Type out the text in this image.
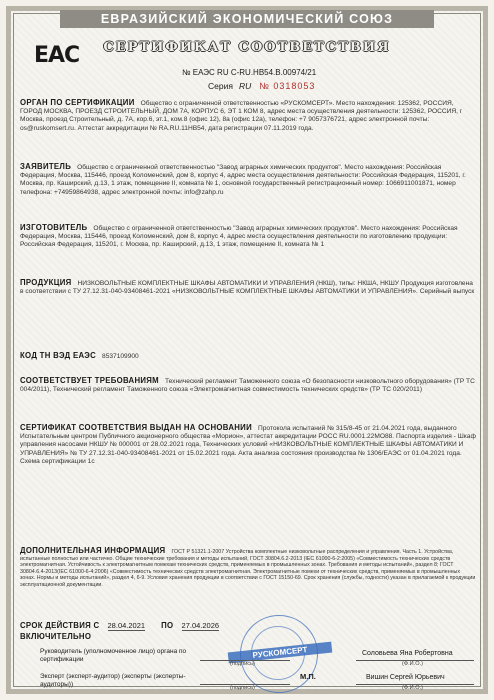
ЕВРАЗИЙСКИЙ ЭКОНОМИЧЕСКИЙ СОЮЗ
EAC	СЕРТИФИКАТ СООТВЕТСТВИЯ
№ ЕАЭС RU С-RU.НВ54.В.00974/21
Серия RU № 0318053
ОРГАН ПО СЕРТИФИКАЦИИ Общество с ограниченной ответственностью «РУСКОМСЕРТ». Место нахождения: 125362, РОССИЯ, ГОРОД МОСКВА, ПРОЕЗД СТРОИТЕЛЬНЫЙ, ДОМ 7А, КОРПУС 6, ЭТ 1 КОМ 8, адрес места осуществления деятельности: 125362, РОССИЯ, г Москва, проезд Строительный, д. 7А, кор.6, эт.1, ком.8 (офис 12), 8а (офис 12а), телефон: +7 9057376721, адрес электронной почты: os@ruskomsert.ru. Аттестат аккредитации № RA.RU.11НВ54, дата регистрации 07.11.2019 года.
ЗАЯВИТЕЛЬ Общество с ограниченной ответственностью "Завод аграрных химических продуктов". Место нахождения: Российская Федерация, Москва, 115446, проезд Коломенский, дом 8, корпус 4, адрес места осуществления деятельности: Российская Федерация, 115201, г. Москва, пр. Каширский, д.13, 1 этаж, помещение II, комната № 1, основной государственный регистрационный номер: 1066911001871, номер телефона: +74959864938, адрес электронной почты: info@zahp.ru
ИЗГОТОВИТЕЛЬ Общество с ограниченной ответственностью "Завод аграрных химических продуктов". Место нахождения: Российская Федерация, Москва, 115446, проезд Коломенский, дом 8, корпус 4, адрес места осуществления деятельности по изготовлению продукции: Российская Федерация, 115201, г. Москва, пр. Каширский, д.13, 1 этаж, помещение II, комната № 1
ПРОДУКЦИЯ НИЗКОВОЛЬТНЫЕ КОМПЛЕКТНЫЕ ШКАФЫ АВТОМАТИКИ И УПРАВЛЕНИЯ (НКШ), типы: НКША, НКШУ Продукция изготовлена в соответствии с ТУ 27.12.31-040-93408461-2021 «НИЗКОВОЛЬТНЫЕ КОМПЛЕКТНЫЕ ШКАФЫ АВТОМАТИКИ И УПРАВЛЕНИЯ». Серийный выпуск
КОД ТН ВЭД ЕАЭС 8537109900
СООТВЕТСТВУЕТ ТРЕБОВАНИЯМ Технический регламент Таможенного союза «О безопасности низковольтного оборудования» (ТР ТС 004/2011), Технический регламент Таможенного союза «Электромагнитная совместимость технических средств» (ТР ТС 020/2011)
СЕРТИФИКАТ СООТВЕТСТВИЯ ВЫДАН НА ОСНОВАНИИ Протокола испытаний № 315/8-45 от 21.04.2021 года, выданного Испытательным центром Публичного акционерного общества «Морион», аттестат аккредитации РОСС RU.0001.22МО88. Паспорта изделия - Шкаф управления насосами НКШУ № 000001 от 28.02.2021 года, Технических условий «НИЗКОВОЛЬТНЫЕ КОМПЛЕКТНЫЕ ШКАФЫ АВТОМАТИКИ И УПРАВЛЕНИЯ» № ТУ 27.12.31-040-93408461-2021 от 15.02.2021 года. Акта анализа состояния производства № 1306/ЕАЭС от 01.04.2021 года. Схема сертификации 1с
ДОПОЛНИТЕЛЬНАЯ ИНФОРМАЦИЯ ГОСТ Р 51321.1-2007 Устройства комплектные низковольтные распределения и управления. Часть 1. Устройства, испытанные полностью или частично. Общие технические требования и методы испытаний, ГОСТ 30804.6.2-2013 (IEC 61000-6-2:2005) «Совместимость технических средств электромагнитная. Устойчивость к электромагнитным помехам технических средств, применяемых в промышленных зонах. Требования и методы испытаний», раздел 8; ГОСТ 30804.6.4-2013(IEC 61000-6-4:2006) «Совместимость технических средств электромагнитная. Электромагнитные помехи от технических средств, применяемых в промышленных зонах. Нормы и методы испытаний», раздел 4, 6-9. Условия хранения продукции в соответствии с ГОСТ 15150-69. Срок хранения (службы, годности) указан в прилагаемой к продукции эксплуатационной документации.
СРОК ДЕЙСТВИЯ С 28.04.2021 ПО 27.04.2026
ВКЛЮЧИТЕЛЬНО
РУСКОМСЕРТ
М.П.
Руководитель (уполномоченное лицо) органа по сертификации
(подпись)
Соловьева Яна Робертовна
(Ф.И.О.)
Эксперт (эксперт-аудитор) (эксперты (эксперты-аудиторы))	(подпись)
Вишин Сергей Юрьевич
(Ф.И.О.)
